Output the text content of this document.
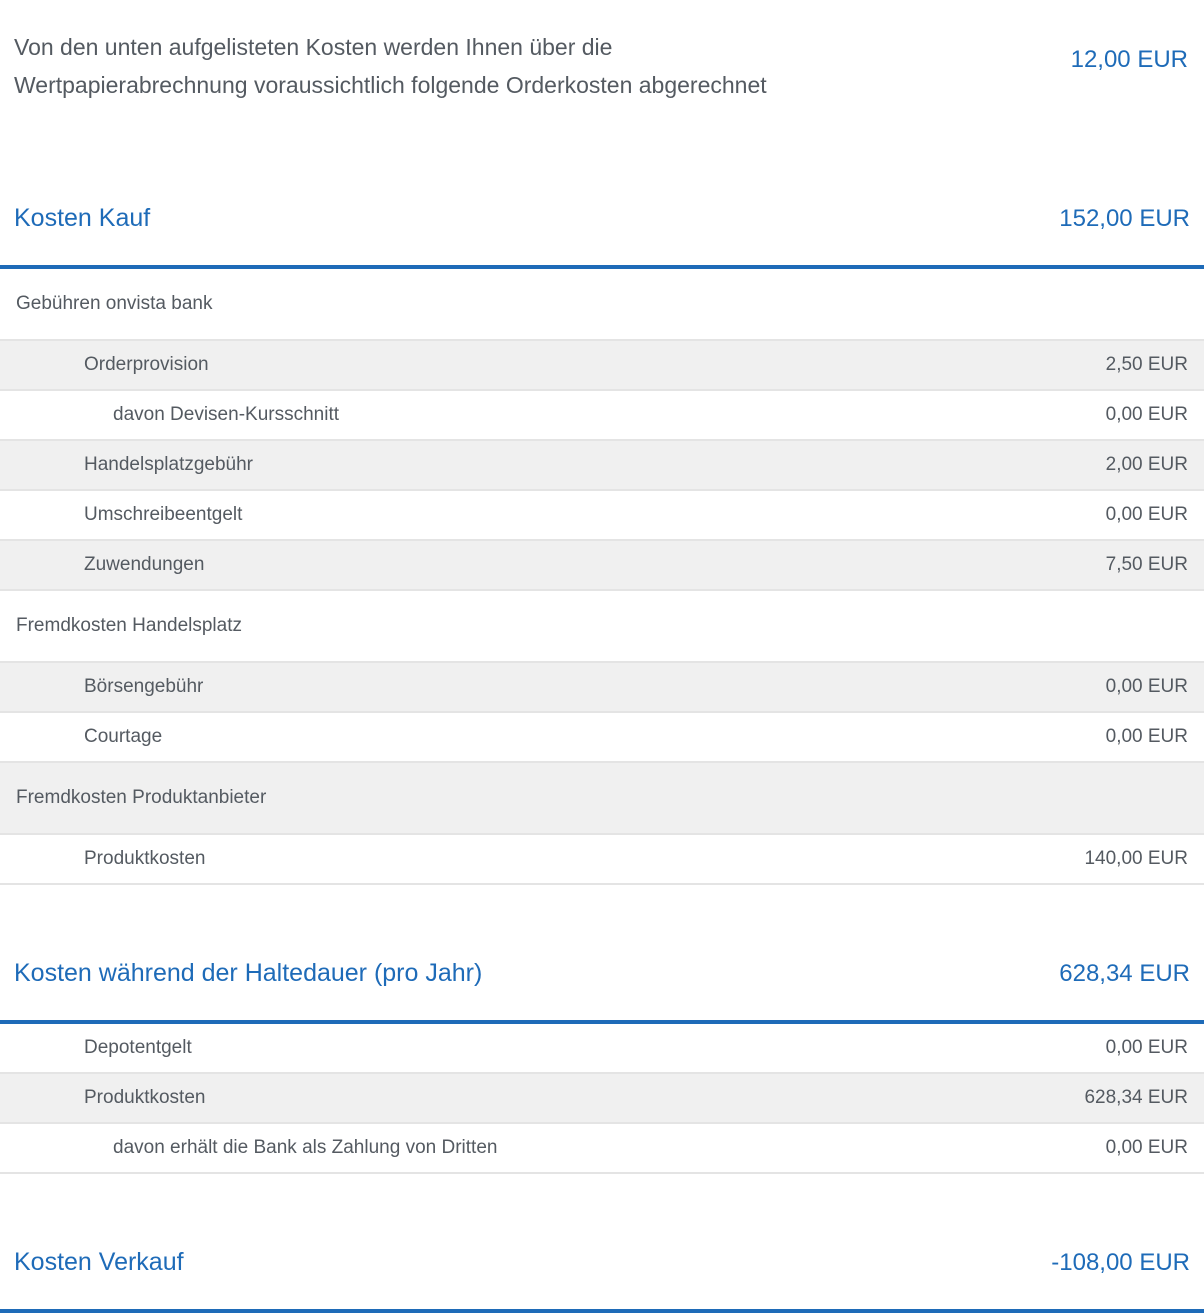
Von den unten aufgelisteten Kosten werden Ihnen über die
Wertpapierabrechnung voraussichtlich folgende Orderkosten abgerechnet
12,00 EUR
Kosten Kauf	152,00 EUR
Gebühren onvista bank
Orderprovision	2,50 EUR
davon Devisen-Kursschnitt	0,00 EUR
Handelsplatzgebühr	2,00 EUR
Umschreibeentgelt	0,00 EUR
Zuwendungen	7,50 EUR
Fremdkosten Handelsplatz
Börsengebühr	0,00 EUR
Courtage	0,00 EUR
Fremdkosten Produktanbieter
Produktkosten	140,00 EUR
Kosten während der Haltedauer (pro Jahr)	628,34 EUR
Depotentgelt	0,00 EUR
Produktkosten	628,34 EUR
davon erhält die Bank als Zahlung von Dritten	0,00 EUR
Kosten Verkauf	-108,00 EUR
